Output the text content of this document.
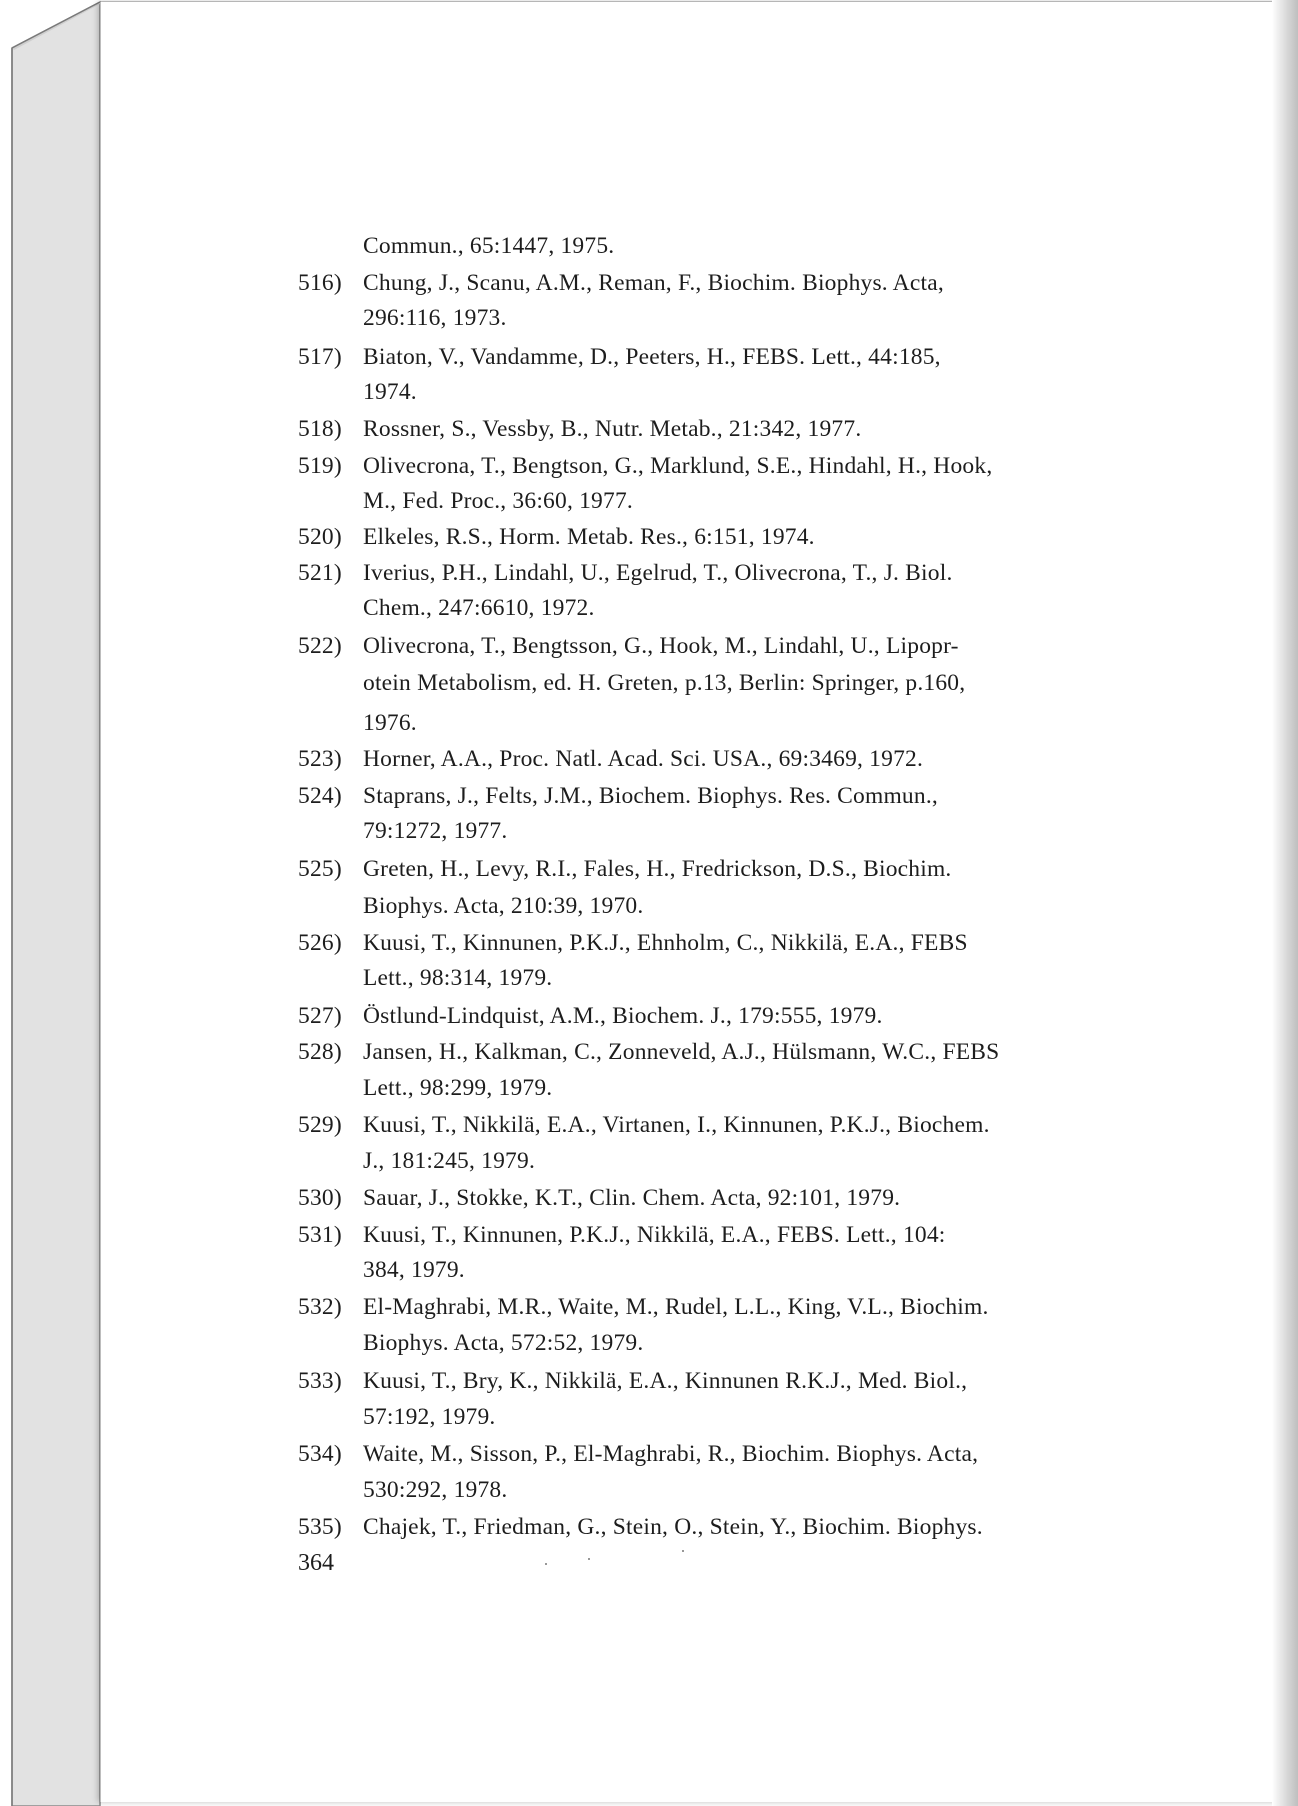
Commun., 65:1447, 1975.
516) Chung, J., Scanu, A.M., Reman, F., Biochim. Biophys. Acta,
296:116, 1973.
517) Biaton, V., Vandamme, D., Peeters, H., FEBS. Lett., 44:185,
1974.
518) Rossner, S., Vessby, B., Nutr. Metab., 21:342, 1977.
519) Olivecrona, T., Bengtson, G., Marklund, S.E., Hindahl, H., Hook,
M., Fed. Proc., 36:60, 1977.
520) Elkeles, R.S., Horm. Metab. Res., 6:151, 1974.
521) Iverius, P.H., Lindahl, U., Egelrud, T., Olivecrona, T., J. Biol.
Chem., 247:6610, 1972.
522) Olivecrona, T., Bengtsson, G., Hook, M., Lindahl, U., Lipopr-
otein Metabolism, ed. H. Greten, p.13, Berlin: Springer, p.160,
1976.
523) Horner, A.A., Proc. Natl. Acad. Sci. USA., 69:3469, 1972.
524) Staprans, J., Felts, J.M., Biochem. Biophys. Res. Commun.,
79:1272, 1977.
525) Greten, H., Levy, R.I., Fales, H., Fredrickson, D.S., Biochim.
Biophys. Acta, 210:39, 1970.
526) Kuusi, T., Kinnunen, P.K.J., Ehnholm, C., Nikkilä, E.A., FEBS
Lett., 98:314, 1979.
527) Östlund-Lindquist, A.M., Biochem. J., 179:555, 1979.
528) Jansen, H., Kalkman, C., Zonneveld, A.J., Hülsmann, W.C., FEBS
Lett., 98:299, 1979.
529) Kuusi, T., Nikkilä, E.A., Virtanen, I., Kinnunen, P.K.J., Biochem.
J., 181:245, 1979.
530) Sauar, J., Stokke, K.T., Clin. Chem. Acta, 92:101, 1979.
531) Kuusi, T., Kinnunen, P.K.J., Nikkilä, E.A., FEBS. Lett., 104:
384, 1979.
532) El-Maghrabi, M.R., Waite, M., Rudel, L.L., King, V.L., Biochim.
Biophys. Acta, 572:52, 1979.
533) Kuusi, T., Bry, K., Nikkilä, E.A., Kinnunen R.K.J., Med. Biol.,
57:192, 1979.
534) Waite, M., Sisson, P., El-Maghrabi, R., Biochim. Biophys. Acta,
530:292, 1978.
535) Chajek, T., Friedman, G., Stein, O., Stein, Y., Biochim. Biophys.
364
